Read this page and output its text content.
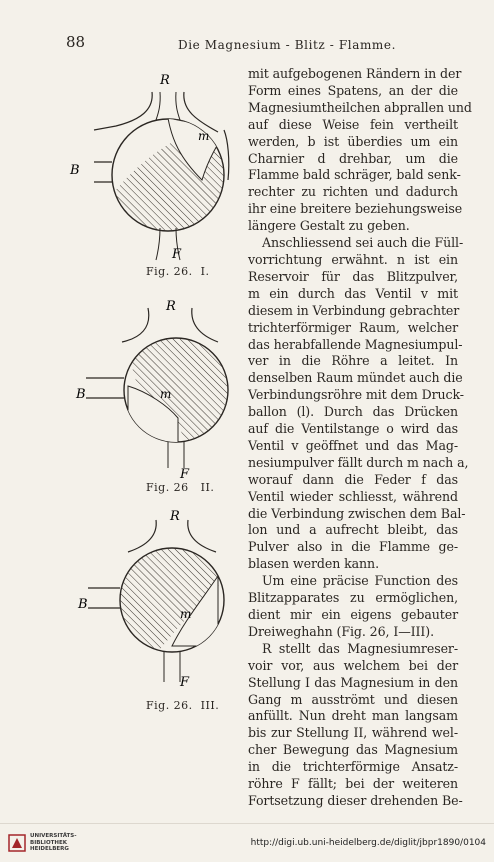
88	Die Magnesium - Blitz - Flamme.
mit aufgebogenen Rändern in der
Form eines Spatens, an der die
Magnesiumtheilchen abprallen und
auf diese Weise fein vertheilt
werden, b ist überdies um ein
Charnier d drehbar, um die
Flamme bald schräger, bald senk-
rechter zu richten und dadurch
ihr eine breitere beziehungsweise
längere Gestalt zu geben.
Anschliessend sei auch die Füll-
vorrichtung erwähnt. n ist ein
Reservoir für das Blitzpulver,
m ein durch das Ventil v mit
diesem in Verbindung gebrachter
trichterförmiger Raum, welcher
das herabfallende Magnesiumpul-
ver in die Röhre a leitet. In
denselben Raum mündet auch die
Verbindungsröhre mit dem Druck-
ballon (l). Durch das Drücken
auf die Ventilstange o wird das
Ventil v geöffnet und das Mag-
nesiumpulver fällt durch m nach a,
worauf dann die Feder f das
Ventil wieder schliesst, während
die Verbindung zwischen dem Bal-
lon und a aufrecht bleibt, das
Pulver also in die Flamme ge-
blasen werden kann.
Um eine präcise Function des
Blitzapparates zu ermöglichen,
dient mir ein eigens gebauter
Dreiweghahn (Fig. 26, I—III).
R stellt das Magnesiumreser-
voir vor, aus welchem bei der
Stellung I das Magnesium in den
Gang m ausströmt und diesen
anfüllt. Nun dreht man langsam
bis zur Stellung II, während wel-
cher Bewegung das Magnesium
in die trichterförmige Ansatz-
röhre F fällt; bei der weiteren
Fortsetzung dieser drehenden Be-
R
B
m
F
Fig. 26.  I.
R
B	m
F
Fig. 26   II.
R
B
m
F
Fig. 26.  III.
UNIVERSITÄTS-
BIBLIOTHEK
HEIDELBERG
http://digi.ub.uni-heidelberg.de/diglit/jbpr1890/0104
